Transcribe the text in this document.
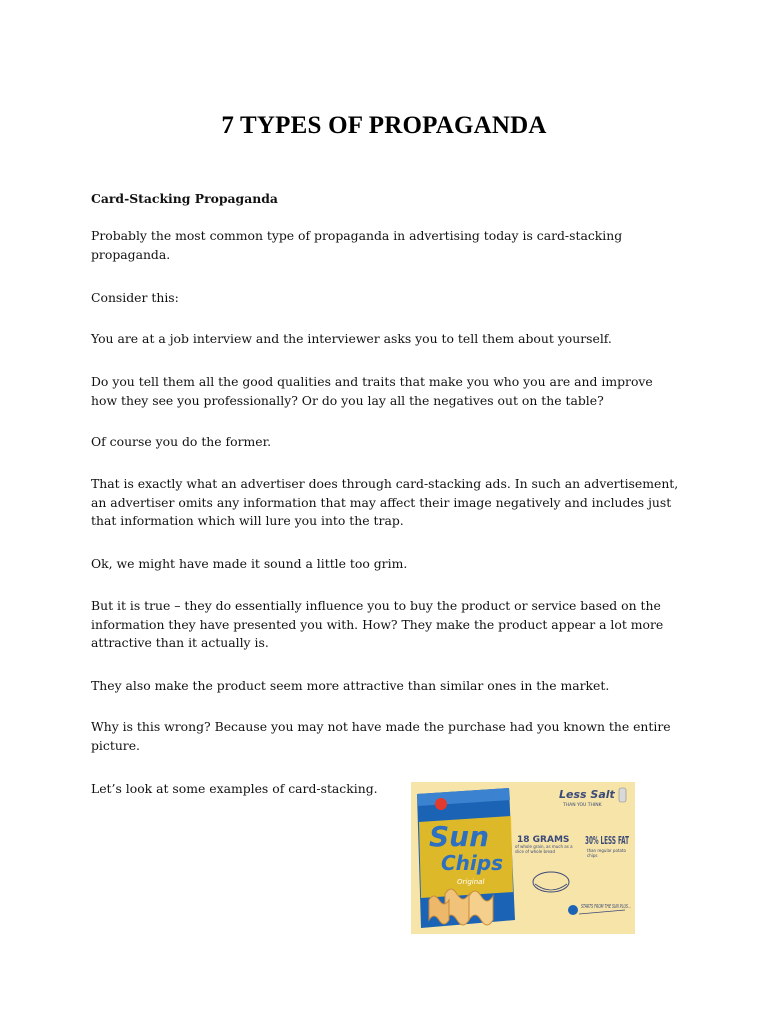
7 TYPES OF PROPAGANDA

Card-Stacking Propaganda

Probably the most common type of propaganda in advertising today is card-stacking propaganda.

Consider this:

You are at a job interview and the interviewer asks you to tell them about yourself.

Do you tell them all the good qualities and traits that make you who you are and improve how they see you professionally? Or do you lay all the negatives out on the table?

Of course you do the former.

That is exactly what an advertiser does through card-stacking ads. In such an advertisement, an advertiser omits any information that may affect their image negatively and includes just that information which will lure you into the trap.

Ok, we might have made it sound a little too grim.

But it is true – they do essentially influence you to buy the product or service based on the information they have presented you with. How? They make the product appear a lot more attractive than it actually is.

They also make the product seem more attractive than similar ones in the market.

Why is this wrong? Because you may not have made the purchase had you known the entire picture.

Let’s look at some examples of card-stacking.

Sun
Chips
Original
Less Salt
THAN YOU THINK
18 GRAMS
of whole grain, as much as a slice of whole bread
30% LESS FAT
than regular potato chips
STARTS FROM THE SUN PLUS...
